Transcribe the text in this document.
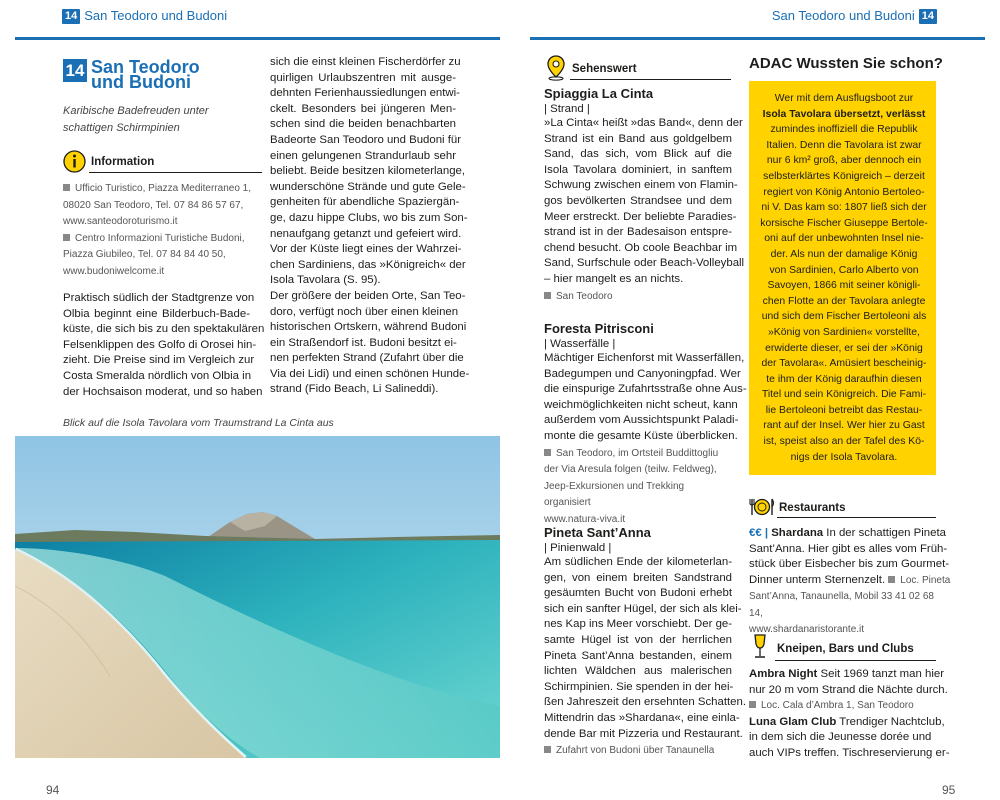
14 San Teodoro und Budoni	San Teodoro und Budoni 14
14 San Teodoro
und Budoni
Karibische Badefreuden unter
schattigen Schirmpinien
Information
Ufficio Turistico, Piazza Mediterraneo 1,
08020 San Teodoro, Tel. 07 84 86 57 67,
www.santeodoroturismo.it
Centro Informazioni Turistiche Budoni,
Piazza Giubileo, Tel. 07 84 84 40 50,
www.budoniwelcome.it
Praktisch südlich der Stadtgrenze von
Olbia beginnt eine Bilderbuch-Bade-
küste, die sich bis zu den spektakulären
Felsenklippen des Golfo di Orosei hin-
zieht. Die Preise sind im Vergleich zur
Costa Smeralda nördlich von Olbia in
der Hochsaison moderat, und so haben
sich die einst kleinen Fischerdörfer zu
quirligen Urlaubszentren mit ausge-
dehnten Ferienhaussiedlungen entwi-
ckelt. Besonders bei jüngeren Men-
schen sind die beiden benachbarten
Badeorte San Teodoro und Budoni für
einen gelungenen Strandurlaub sehr
beliebt. Beide besitzen kilometerlange,
wunderschöne Strände und gute Gele-
genheiten für abendliche Spaziergän-
ge, dazu hippe Clubs, wo bis zum Son-
nenaufgang getanzt und gefeiert wird.
Vor der Küste liegt eines der Wahrzei-
chen Sardiniens, das »Königreich« der
Isola Tavolara (S. 95).
Der größere der beiden Orte, San Teo-
doro, verfügt noch über einen kleinen
historischen Ortskern, während Budoni
ein Straßendorf ist. Budoni besitzt ei-
nen perfekten Strand (Zufahrt über die
Via dei Lidi) und einen schönen Hunde-
strand (Fido Beach, Li Salineddi).
Blick auf die Isola Tavolara vom Traumstrand La Cinta aus
94
Sehenswert
Spiaggia La Cinta
| Strand |
»La Cinta« heißt »das Band«, denn der
Strand ist ein Band aus goldgelbem
Sand, das sich, vom Blick auf die
Isola Tavolara dominiert, in sanftem
Schwung zwischen einem von Flamin-
gos bevölkerten Strandsee und dem
Meer erstreckt. Der beliebte Paradies-
strand ist in der Badesaison entspre-
chend besucht. Ob coole Beachbar im
Sand, Surfschule oder Beach-Volleyball
– hier mangelt es an nichts.
San Teodoro
Foresta Pitrisconi
| Wasserfälle |
Mächtiger Eichenforst mit Wasserfällen,
Badegumpen und Canyoningpfad. Wer
die einspurige Zufahrtsstraße ohne Aus-
weichmöglichkeiten nicht scheut, kann
außerdem vom Aussichtspunkt Paladi-
monte die gesamte Küste überblicken.
San Teodoro, im Ortsteil Buddittogliu
der Via Aresula folgen (teilw. Feldweg),
Jeep-Exkursionen und Trekking organisiert
www.natura-viva.it
Pineta Sant’Anna
| Pinienwald |
Am südlichen Ende der kilometerlan-
gen, von einem breiten Sandstrand
gesäumten Bucht von Budoni erhebt
sich ein sanfter Hügel, der sich als klei-
nes Kap ins Meer vorschiebt. Der ge-
samte Hügel ist von der herrlichen
Pineta Sant’Anna bestanden, einem
lichten Wäldchen aus malerischen
Schirmpinien. Sie spenden in der hei-
ßen Jahreszeit den ersehnten Schatten.
Mittendrin das »Shardana«, eine einla-
dende Bar mit Pizzeria und Restaurant.
Zufahrt von Budoni über Tanaunella
ADAC Wussten Sie schon?
Wer mit dem Ausflugsboot zur
Isola Tavolara übersetzt, verlässt
zumindes inoffiziell die Republik
Italien. Denn die Tavolara ist zwar
nur 6 km² groß, aber dennoch ein
selbsterklärtes Königreich – derzeit
regiert von König Antonio Bertoleo-
ni V. Das kam so: 1807 ließ sich der
korsische Fischer Giuseppe Bertole-
oni auf der unbewohnten Insel nie-
der. Als nun der damalige König
von Sardinien, Carlo Alberto von
Savoyen, 1866 mit seiner königli-
chen Flotte an der Tavolara anlegte
und sich dem Fischer Bertoleoni als
»König von Sardinien« vorstellte,
erwiderte dieser, er sei der »König
der Tavolara«. Amüsiert bescheinig-
te ihm der König daraufhin diesen
Titel und sein Königreich. Die Fami-
lie Bertoleoni betreibt das Restau-
rant auf der Insel. Wer hier zu Gast
ist, speist also an der Tafel des Kö-
nigs der Isola Tavolara.
Restaurants
€€ | Shardana In der schattigen Pineta
Sant’Anna. Hier gibt es alles vom Früh-
stück über Eisbecher bis zum Gourmet-
Dinner unterm Sternenzelt. Loc. Pineta
Sant’Anna, Tanaunella, Mobil 33 41 02 68 14,
www.shardanaristorante.it
Kneipen, Bars und Clubs
Ambra Night Seit 1969 tanzt man hier
nur 20 m vom Strand die Nächte durch.
Loc. Cala d’Ambra 1, San Teodoro
Luna Glam Club Trendiger Nachtclub,
in dem sich die Jeunesse dorée und
auch VIPs treffen. Tischreservierung er-
95
